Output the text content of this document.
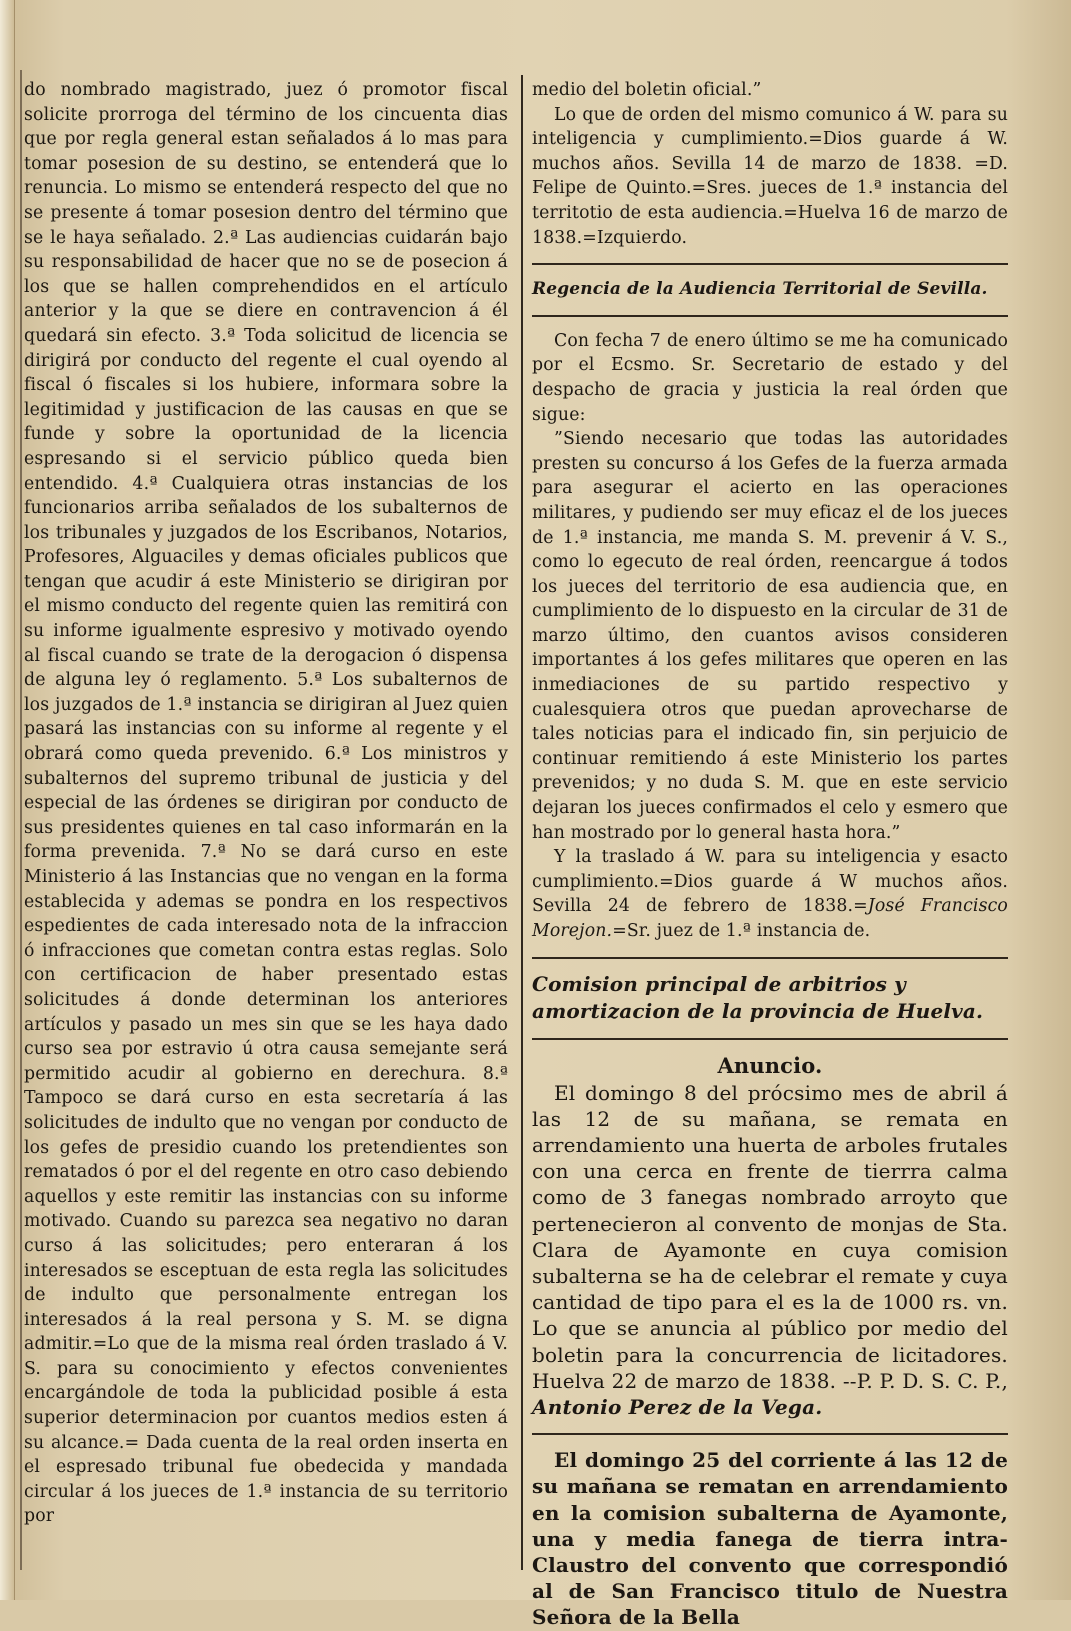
do nombrado magistrado, juez ó promotor fiscal solicite prorroga del término de los cincuenta dias que por regla general estan señalados á lo mas para tomar posesion de su destino, se entenderá que lo renuncia. Lo mismo se entenderá respecto del que no se presente á tomar posesion dentro del término que se le haya señalado. 2.ª Las audiencias cuidarán bajo su responsabilidad de hacer que no se de posecion á los que se hallen comprehendidos en el artículo anterior y la que se diere en contravencion á él quedará sin efecto. 3.ª Toda solicitud de licencia se dirigirá por conducto del regente el cual oyendo al fiscal ó fiscales si los hubiere, informara sobre la legitimidad y justificacion de las causas en que se funde y sobre la oportunidad de la licencia espresando si el servicio público queda bien entendido. 4.ª Cualquiera otras instancias de los funcionarios arriba señalados de los subalternos de los tribunales y juzgados de los Escribanos, Notarios, Profesores, Alguaciles y demas oficiales publicos que tengan que acudir á este Ministerio se dirigiran por el mismo conducto del regente quien las remitirá con su informe igualmente espresivo y motivado oyendo al fiscal cuando se trate de la derogacion ó dispensa de alguna ley ó reglamento. 5.ª Los subalternos de los juzgados de 1.ª instancia se dirigiran al Juez quien pasará las instancias con su informe al regente y el obrará como queda prevenido. 6.ª Los ministros y subalternos del supremo tribunal de justicia y del especial de las órdenes se dirigiran por conducto de sus presidentes quienes en tal caso informarán en la forma prevenida. 7.ª No se dará curso en este Ministerio á las Instancias que no vengan en la forma establecida y ademas se pondra en los respectivos espedientes de cada interesado nota de la infraccion ó infracciones que cometan contra estas reglas. Solo con certificacion de haber presentado estas solicitudes á donde determinan los anteriores artículos y pasado un mes sin que se les haya dado curso sea por estravio ú otra causa semejante será permitido acudir al gobierno en derechura. 8.ª Tampoco se dará curso en esta secretaría á las solicitudes de indulto que no vengan por conducto de los gefes de presidio cuando los pretendientes son rematados ó por el del regente en otro caso debiendo aquellos y este remitir las instancias con su informe motivado. Cuando su parezca sea negativo no daran curso á las solicitudes; pero enteraran á los interesados se esceptuan de esta regla las solicitudes de indulto que personalmente entregan los interesados á la real persona y S. M. se digna admitir.=Lo que de la misma real órden traslado á V. S. para su conocimiento y efectos convenientes encargándole de toda la publicidad posible á esta superior determinacion por cuantos medios esten á su alcance.= Dada cuenta de la real orden inserta en el espresado tribunal fue obedecida y mandada circular á los jueces de 1.ª instancia de su territorio por

medio del boletin oficial.”

Lo que de orden del mismo comunico á W. para su inteligencia y cumplimiento.=Dios guarde á W. muchos años. Sevilla 14 de marzo de 1838. =D. Felipe de Quinto.=Sres. jueces de 1.ª instancia del territotio de esta audiencia.=Huelva 16 de marzo de 1838.=Izquierdo.

Regencia de la Audiencia Territorial de Sevilla.

Con fecha 7 de enero último se me ha comunicado por el Ecsmo. Sr. Secretario de estado y del despacho de gracia y justicia la real órden que sigue:

”Siendo necesario que todas las autoridades presten su concurso á los Gefes de la fuerza armada para asegurar el acierto en las operaciones militares, y pudiendo ser muy eficaz el de los jueces de 1.ª instancia, me manda S. M. prevenir á V. S., como lo egecuto de real órden, reencargue á todos los jueces del territorio de esa audiencia que, en cumplimiento de lo dispuesto en la circular de 31 de marzo último, den cuantos avisos consideren importantes á los gefes militares que operen en las inmediaciones de su partido respectivo y cualesquiera otros que puedan aprovecharse de tales noticias para el indicado fin, sin perjuicio de continuar remitiendo á este Ministerio los partes prevenidos; y no duda S. M. que en este servicio dejaran los jueces confirmados el celo y esmero que han mostrado por lo general hasta hora.”

Y la traslado á W. para su inteligencia y esacto cumplimiento.=Dios guarde á W muchos años. Sevilla 24 de febrero de 1838.=José Francisco Morejon.=Sr. juez de 1.ª instancia de.

Comision principal de arbitrios y amortizacion de la provincia de Huelva.

Anuncio.

El domingo 8 del prócsimo mes de abril á las 12 de su mañana, se remata en arrendamiento una huerta de arboles frutales con una cerca en frente de tierrra calma como de 3 fanegas nombrado arroyto que pertenecieron al convento de monjas de Sta. Clara de Ayamonte en cuya comision subalterna se ha de celebrar el remate y cuya cantidad de tipo para el es la de 1000 rs. vn. Lo que se anuncia al público por medio del boletin para la concurrencia de licitadores. Huelva 22 de marzo de 1838. --P. P. D. S. C. P., Antonio Perez de la Vega.

El domingo 25 del corriente á las 12 de su mañana se rematan en arrendamiento en la comision subalterna de Ayamonte, una y media fanega de tierra intra-Claustro del convento que correspondió al de San Francisco titulo de Nuestra Señora de la Bella
